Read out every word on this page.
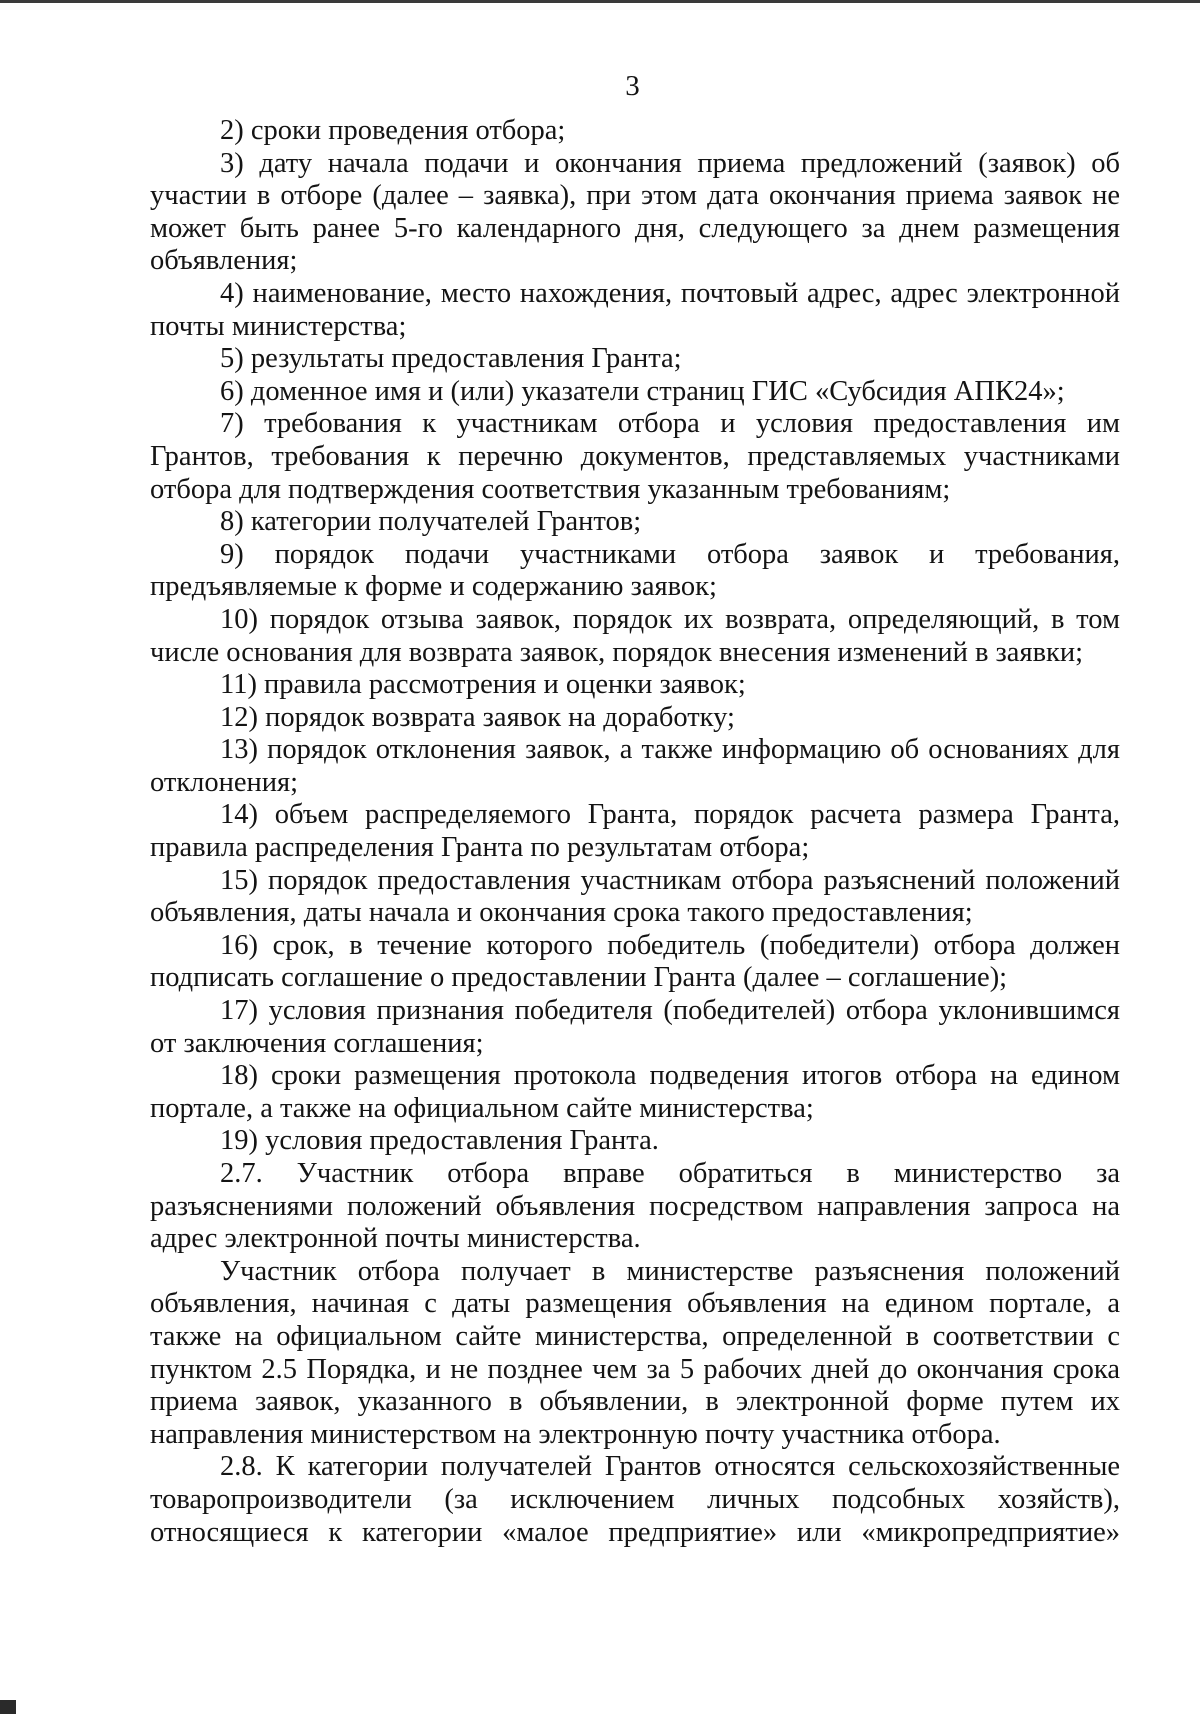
3

2) сроки проведения отбора;

3) дату начала подачи и окончания приема предложений (заявок) об участии в отборе (далее – заявка), при этом дата окончания приема заявок не может быть ранее 5-го календарного дня, следующего за днем размещения объявления;

4) наименование, место нахождения, почтовый адрес, адрес электронной почты министерства;

5) результаты предоставления Гранта;

6) доменное имя и (или) указатели страниц ГИС «Субсидия АПК24»;

7) требования к участникам отбора и условия предоставления им Грантов, требования к перечню документов, представляемых участниками отбора для подтверждения соответствия указанным требованиям;

8) категории получателей Грантов;

9) порядок подачи участниками отбора заявок и требования, предъявляемые к форме и содержанию заявок;

10) порядок отзыва заявок, порядок их возврата, определяющий, в том числе основания для возврата заявок, порядок внесения изменений в заявки;

11) правила рассмотрения и оценки заявок;

12) порядок возврата заявок на доработку;

13) порядок отклонения заявок, а также информацию об основаниях для отклонения;

14) объем распределяемого Гранта, порядок расчета размера Гранта, правила распределения Гранта по результатам отбора;

15) порядок предоставления участникам отбора разъяснений положений объявления, даты начала и окончания срока такого предоставления;

16) срок, в течение которого победитель (победители) отбора должен подписать соглашение о предоставлении Гранта (далее – соглашение);

17) условия признания победителя (победителей) отбора уклонившимся от заключения соглашения;

18) сроки размещения протокола подведения итогов отбора на едином портале, а также на официальном сайте министерства;

19) условия предоставления Гранта.

2.7. Участник отбора вправе обратиться в министерство за разъяснениями положений объявления посредством направления запроса на адрес электронной почты министерства.

Участник отбора получает в министерстве разъяснения положений объявления, начиная с даты размещения объявления на едином портале, а также на официальном сайте министерства, определенной в соответствии с пунктом 2.5 Порядка, и не позднее чем за 5 рабочих дней до окончания срока приема заявок, указанного в объявлении, в электронной форме путем их направления министерством на электронную почту участника отбора.

2.8. К категории получателей Грантов относятся сельскохозяйственные товаропроизводители (за исключением личных подсобных хозяйств), относящиеся к категории «малое предприятие» или «микропредприятие»
